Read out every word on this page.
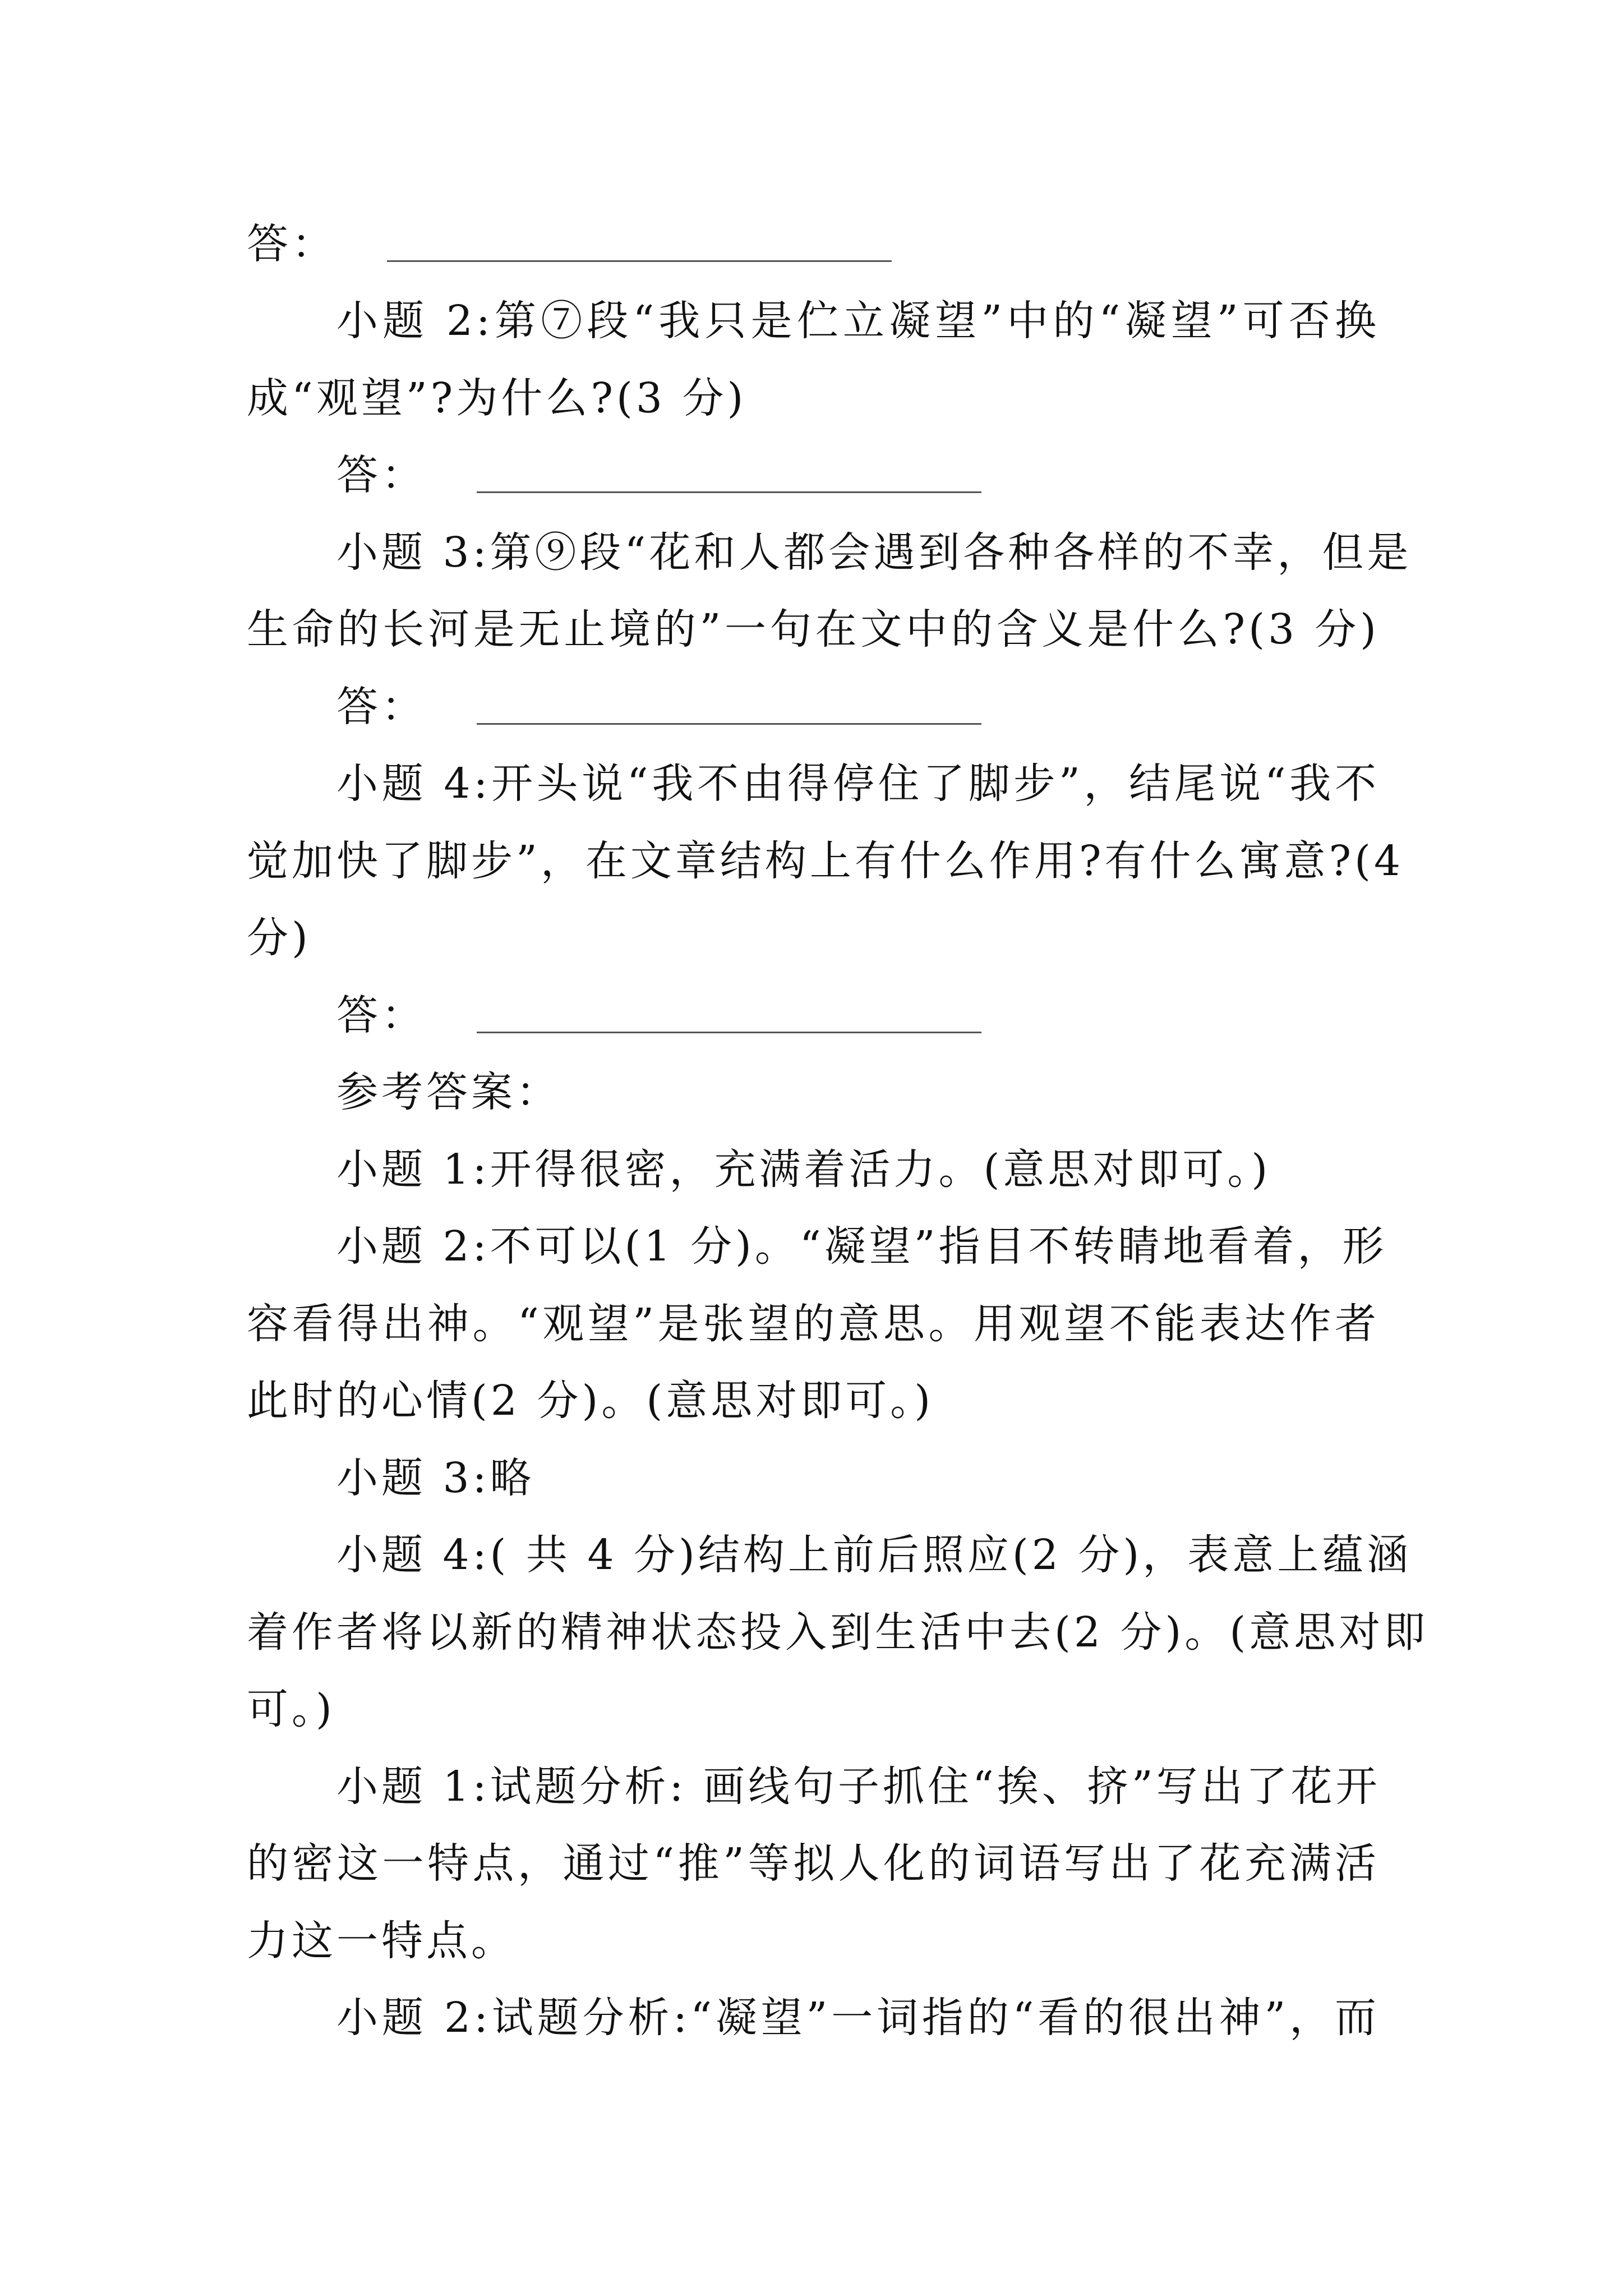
答：
小题 2:第⑦段“我只是伫立凝望”中的“凝望”可否换
成“观望”?为什么?(3 分)
答：
小题 3:第⑨段“花和人都会遇到各种各样的不幸，但是
生命的长河是无止境的”一句在文中的含义是什么?(3 分)
答：
小题 4:开头说“我不由得停住了脚步”，结尾说“我不
觉加快了脚步”，在文章结构上有什么作用?有什么寓意?(4
分)
答：
参考答案：
小题 1:开得很密，充满着活力。(意思对即可。)
小题 2:不可以(1 分)。“凝望”指目不转睛地看着，形
容看得出神。“观望”是张望的意思。用观望不能表达作者
此时的心情(2 分)。(意思对即可。)
小题 3:略
小题 4:( 共 4 分)结构上前后照应(2 分)，表意上蕴涵
着作者将以新的精神状态投入到生活中去(2 分)。(意思对即
可。)
小题 1:试题分析: 画线句子抓住“挨、挤”写出了花开
的密这一特点，通过“推”等拟人化的词语写出了花充满活
力这一特点。
小题 2:试题分析:“凝望”一词指的“看的很出神”，而
